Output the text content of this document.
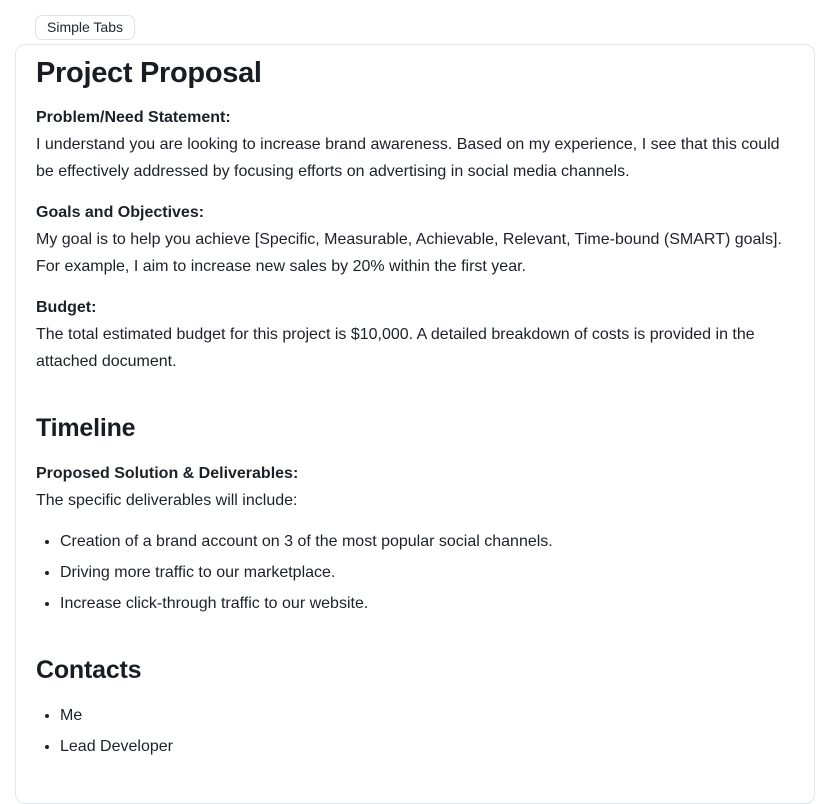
Simple Tabs
Project Proposal

Problem/Need Statement:
I understand you are looking to increase brand awareness. Based on my experience, I see that this could be effectively addressed by focusing efforts on advertising in social media channels.

Goals and Objectives:
My goal is to help you achieve [Specific, Measurable, Achievable, Relevant, Time-bound (SMART) goals]. For example, I aim to increase new sales by 20% within the first year.

Budget:
The total estimated budget for this project is $10,000. A detailed breakdown of costs is provided in the attached document.

Timeline

Proposed Solution & Deliverables:
The specific deliverables will include:

• Creation of a brand account on 3 of the most popular social channels.
• Driving more traffic to our marketplace.
• Increase click-through traffic to our website.
Contacts
• Me
• Lead Developer
